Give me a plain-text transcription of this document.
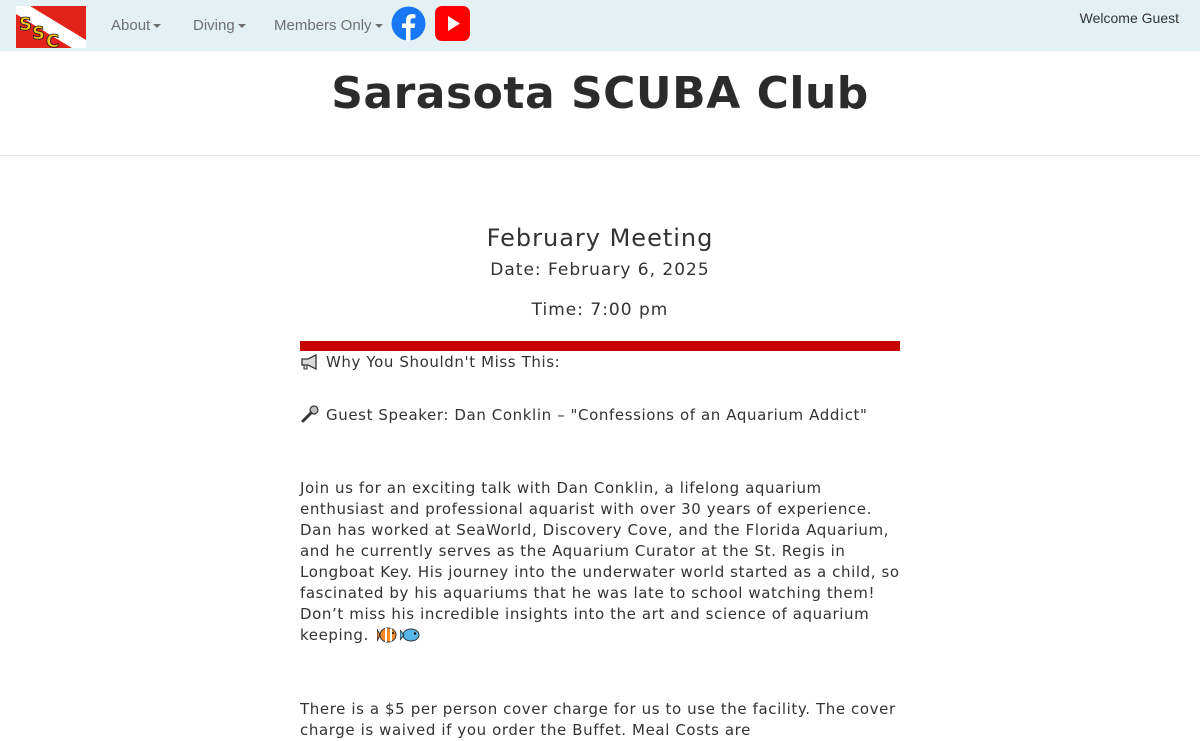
S S C
About	Diving	Members Only	Welcome Guest
Sarasota SCUBA Club
February Meeting
Date: February 6, 2025
Time: 7:00 pm
Why You Shouldn't Miss This:
Guest Speaker: Dan Conklin – "Confessions of an Aquarium Addict"
Join us for an exciting talk with Dan Conklin, a lifelong aquarium enthusiast and professional aquarist with over 30 years of experience. Dan has worked at SeaWorld, Discovery Cove, and the Florida Aquarium, and he currently serves as the Aquarium Curator at the St. Regis in Longboat Key. His journey into the underwater world started as a child, so fascinated by his aquariums that he was late to school watching them! Don’t miss his incredible insights into the art and science of aquarium keeping.
There is a $5 per person cover charge for us to use the facility. The cover charge is waived if you order the Buffet. Meal Costs are
